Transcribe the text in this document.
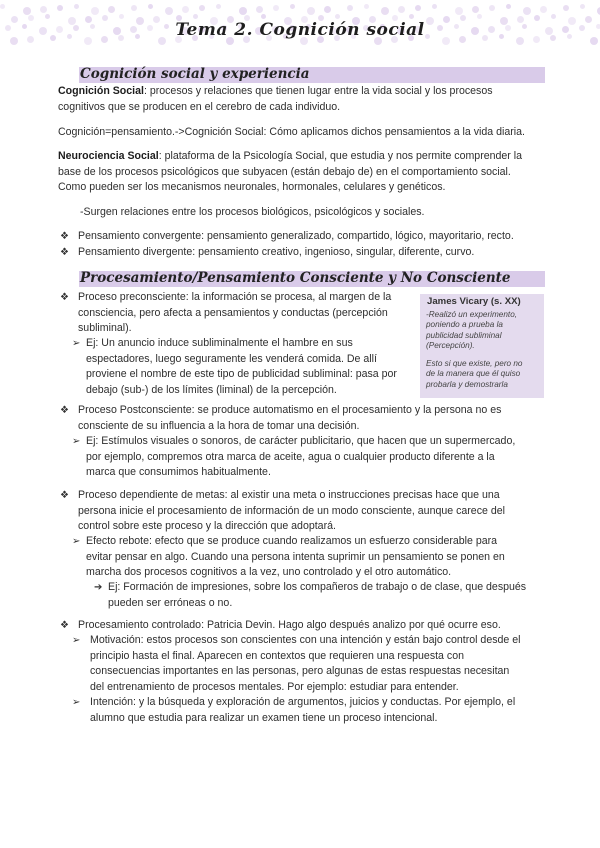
Tema 2. Cognición social
Cognición social y experiencia
Cognición Social: procesos y relaciones que tienen lugar entre la vida social y los procesos
cognitivos que se producen en el cerebro de cada individuo.
Cognición=pensamiento.->Cognición Social: Cómo aplicamos dichos pensamientos a la vida diaria.
Neurociencia Social: plataforma de la Psicología Social, que estudia y nos permite comprender la
base de los procesos psicológicos que subyacen (están debajo de) en el comportamiento social.
Como pueden ser los mecanismos neuronales, hormonales, celulares y genéticos.
-Surgen relaciones entre los procesos biológicos, psicológicos y sociales.
❖ Pensamiento convergente: pensamiento generalizado, compartido, lógico, mayoritario, recto.
❖ Pensamiento divergente: pensamiento creativo, ingenioso, singular, diferente, curvo.
Procesamiento/Pensamiento Consciente y No Consciente
❖ Proceso preconsciente: la información se procesa, al margen de la
consciencia, pero afecta a pensamientos y conductas (percepción
subliminal).
➢ Ej: Un anuncio induce subliminalmente el hambre en sus
espectadores, luego seguramente les venderá comida. De allí
proviene el nombre de este tipo de publicidad subliminal: pasa por
debajo (sub-) de los límites (liminal) de la percepción.
James Vicary (s. XX)
-Realizó un experimento,
poniendo a prueba la
publicidad subliminal
(Percepción).
Esto si que existe, pero no
de la manera que él quiso
probarla y demostrarla
❖ Proceso Postconsciente: se produce automatismo en el procesamiento y la persona no es
consciente de su influencia a la hora de tomar una decisión.
➢ Ej: Estímulos visuales o sonoros, de carácter publicitario, que hacen que un supermercado,
por ejemplo, compremos otra marca de aceite, agua o cualquier producto diferente a la
marca que consumimos habitualmente.
❖ Proceso dependiente de metas: al existir una meta o instrucciones precisas hace que una
persona inicie el procesamiento de información de un modo consciente, aunque carece del
control sobre este proceso y la dirección que adoptará.
➢ Efecto rebote: efecto que se produce cuando realizamos un esfuerzo considerable para
evitar pensar en algo. Cuando una persona intenta suprimir un pensamiento se ponen en
marcha dos procesos cognitivos a la vez, uno controlado y el otro automático.
➔ Ej: Formación de impresiones, sobre los compañeros de trabajo o de clase, que después
pueden ser erróneas o no.
❖ Procesamiento controlado: Patricia Devin. Hago algo después analizo por qué ocurre eso.
➢ Motivación: estos procesos son conscientes con una intención y están bajo control desde el
principio hasta el final. Aparecen en contextos que requieren una respuesta con
consecuencias importantes en las personas, pero algunas de estas respuestas necesitan
del entrenamiento de procesos mentales. Por ejemplo: estudiar para entender.
➢ Intención: y la búsqueda y exploración de argumentos, juicios y conductas. Por ejemplo, el
alumno que estudia para realizar un examen tiene un proceso intencional.
